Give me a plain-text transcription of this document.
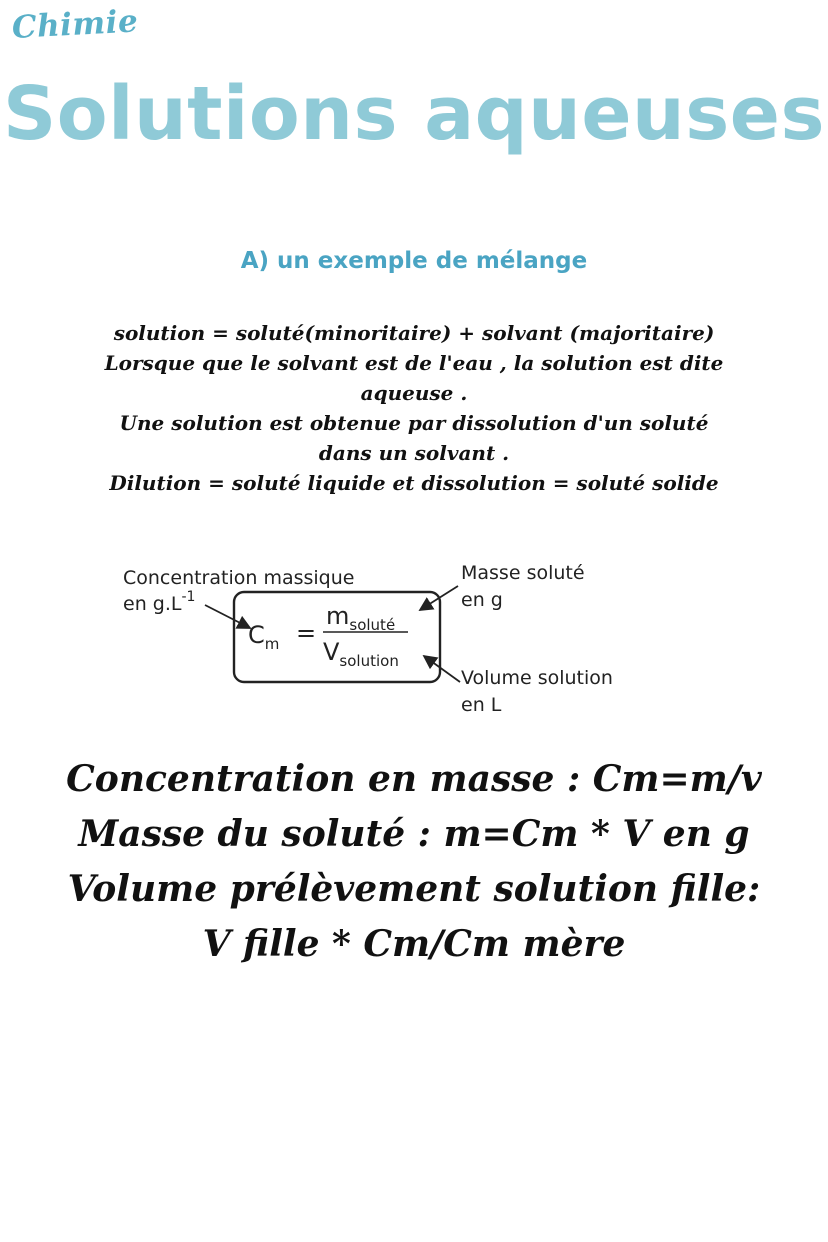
Chimie
Solutions aqueuses
A) un exemple de mélange

solution = soluté(minoritaire) + solvant (majoritaire)

Lorsque que le solvant est de l'eau , la solution est dite aqueuse .

Une solution est obtenue par dissolution d'un soluté dans un solvant .

Dilution = soluté liquide et dissolution = soluté solide

Concentration massique
en $g.L^{-1}$
$C_m$ =
$m_{soluté}$
$V_{solution}$
Masse soluté
en g
Volume solution
en L

Concentration en masse : Cm=m/v

Masse du soluté : m=Cm * V en g

Volume prélèvement solution fille:

V fille * Cm/Cm mère
